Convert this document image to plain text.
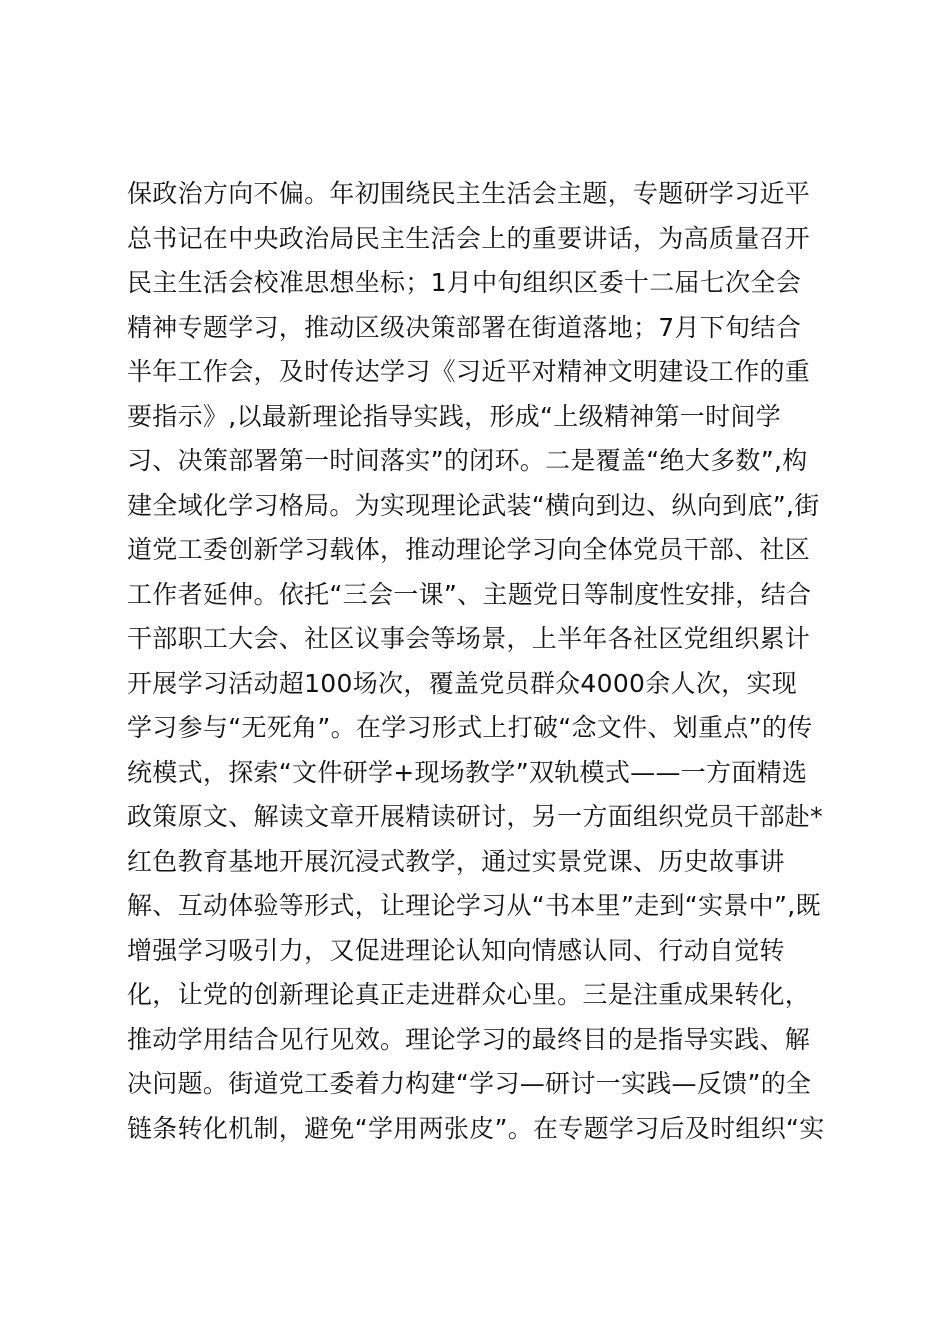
保政治方向不偏。年初围绕民主生活会主题，专题研学习近平
总书记在中央政治局民主生活会上的重要讲话，为高质量召开
民主生活会校准思想坐标；1月中旬组织区委十二届七次全会
精神专题学习，推动区级决策部署在街道落地；7月下旬结合
半年工作会，及时传达学习《习近平对精神文明建设工作的重
要指示》,以最新理论指导实践，形成“上级精神第一时间学
习、决策部署第一时间落实”的闭环。二是覆盖“绝大多数”,构
建全域化学习格局。为实现理论武装“横向到边、纵向到底”,街
道党工委创新学习载体，推动理论学习向全体党员干部、社区
工作者延伸。依托“三会一课”、主题党日等制度性安排，结合
干部职工大会、社区议事会等场景，上半年各社区党组织累计
开展学习活动超100场次，覆盖党员群众4000余人次，实现
学习参与“无死角”。在学习形式上打破“念文件、划重点”的传
统模式，探索“文件研学+现场教学”双轨模式——一方面精选
政策原文、解读文章开展精读研讨，另一方面组织党员干部赴*
红色教育基地开展沉浸式教学，通过实景党课、历史故事讲
解、互动体验等形式，让理论学习从“书本里”走到“实景中”,既
增强学习吸引力，又促进理论认知向情感认同、行动自觉转
化，让党的创新理论真正走进群众心里。三是注重成果转化，
推动学用结合见行见效。理论学习的最终目的是指导实践、解
决问题。街道党工委着力构建“学习—研讨一实践—反馈”的全
链条转化机制，避免“学用两张皮”。在专题学习后及时组织“实
